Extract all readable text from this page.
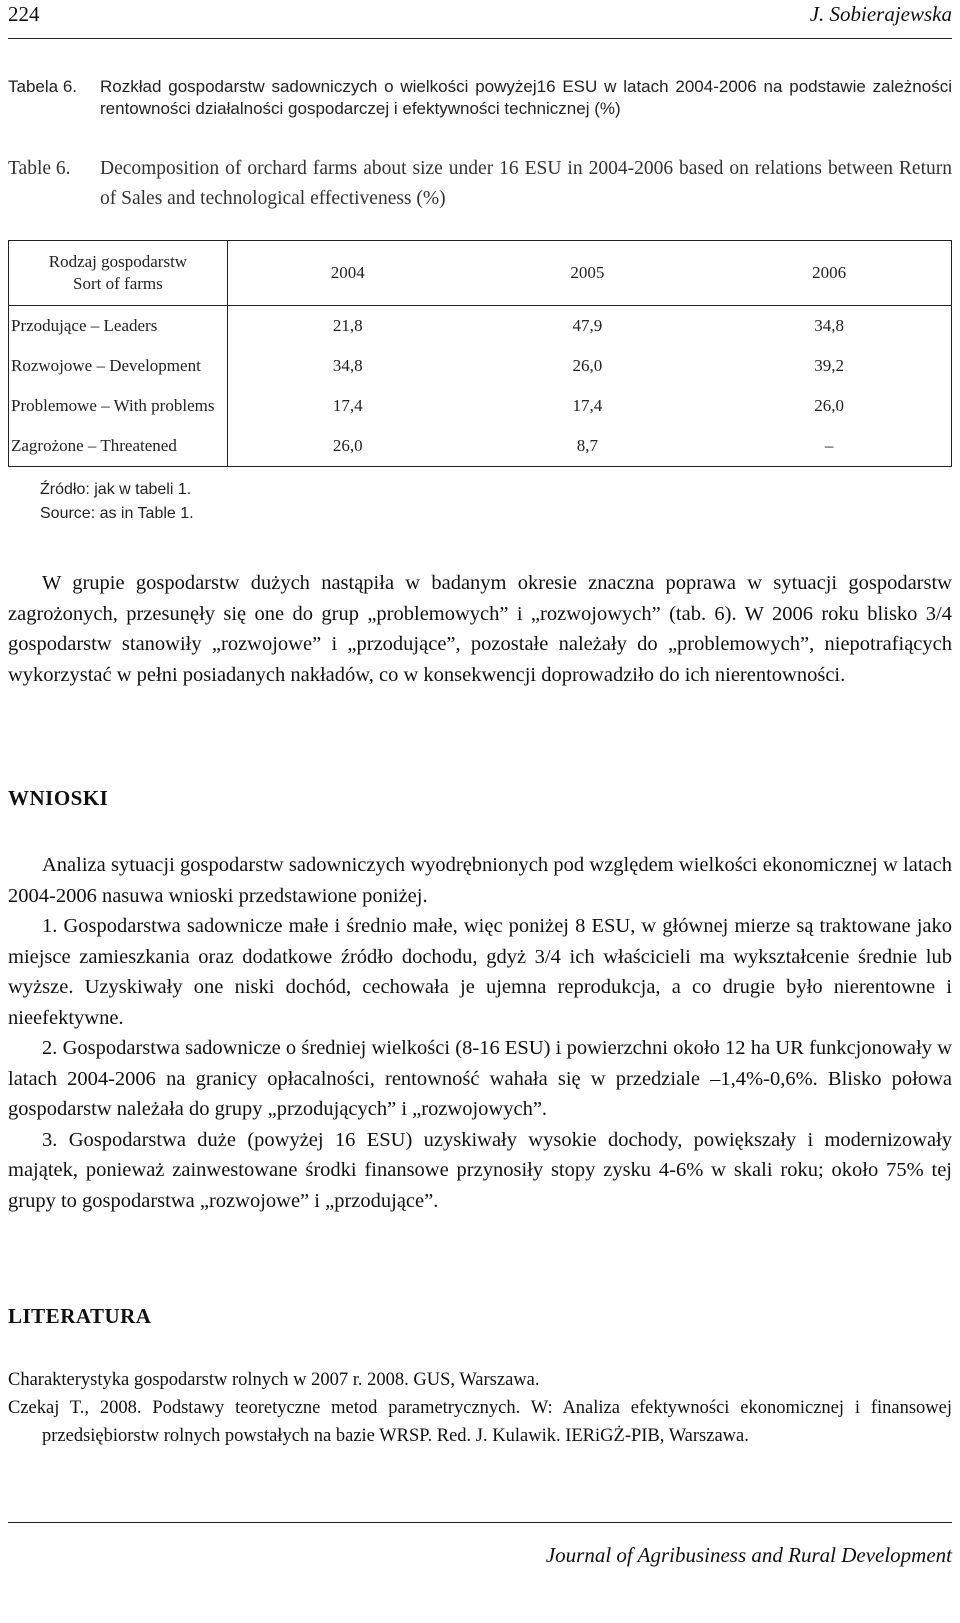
224	J. Sobierajewska
Tabela 6. Rozkład gospodarstw sadowniczych o wielkości powyżej16 ESU w latach 2004-2006 na podstawie zależności rentowności działalności gospodarczej i efektywności technicznej (%)
Table 6. Decomposition of orchard farms about size under 16 ESU in 2004-2006 based on relations between Return of Sales and technological effectiveness (%)
Rodzaj gospodarstw
Sort of farms	2004	2005	2006
Przodujące – Leaders	21,8	47,9	34,8
Rozwojowe – Development	34,8	26,0	39,2
Problemowe – With problems	17,4	17,4	26,0
Zagrożone – Threatened	26,0	8,7	–
Źródło: jak w tabeli 1.
Source: as in Table 1.

W grupie gospodarstw dużych nastąpiła w badanym okresie znaczna poprawa w sytuacji gospodarstw zagrożonych, przesunęły się one do grup „problemowych” i „rozwojowych” (tab. 6). W 2006 roku blisko 3/4 gospodarstw stanowiły „rozwojowe” i „przodujące”, pozostałe należały do „problemowych”, niepotrafiących wykorzystać w pełni posiadanych nakładów, co w konsekwencji doprowadziło do ich nierentowności.

WNIOSKI

Analiza sytuacji gospodarstw sadowniczych wyodrębnionych pod względem wielkości ekonomicznej w latach 2004-2006 nasuwa wnioski przedstawione poniżej.

1. Gospodarstwa sadownicze małe i średnio małe, więc poniżej 8 ESU, w głównej mierze są traktowane jako miejsce zamieszkania oraz dodatkowe źródło dochodu, gdyż 3/4 ich właścicieli ma wykształcenie średnie lub wyższe. Uzyskiwały one niski dochód, cechowała je ujemna reprodukcja, a co drugie było nierentowne i nieefektywne.

2. Gospodarstwa sadownicze o średniej wielkości (8-16 ESU) i powierzchni około 12 ha UR funkcjonowały w latach 2004-2006 na granicy opłacalności, rentowność wahała się w przedziale –1,4%-0,6%. Blisko połowa gospodarstw należała do grupy „przodujących” i „rozwojowych”.

3. Gospodarstwa duże (powyżej 16 ESU) uzyskiwały wysokie dochody, powiększały i modernizowały majątek, ponieważ zainwestowane środki finansowe przynosiły stopy zysku 4-6% w skali roku; około 75% tej grupy to gospodarstwa „rozwojowe” i „przodujące”.

LITERATURA
Charakterystyka gospodarstw rolnych w 2007 r. 2008. GUS, Warszawa.
Czekaj T., 2008. Podstawy teoretyczne metod parametrycznych. W: Analiza efektywności ekonomicznej i finansowej przedsiębiorstw rolnych powstałych na bazie WRSP. Red. J. Kulawik. IERiGŻ-PIB, Warszawa.
Journal of Agribusiness and Rural Development
